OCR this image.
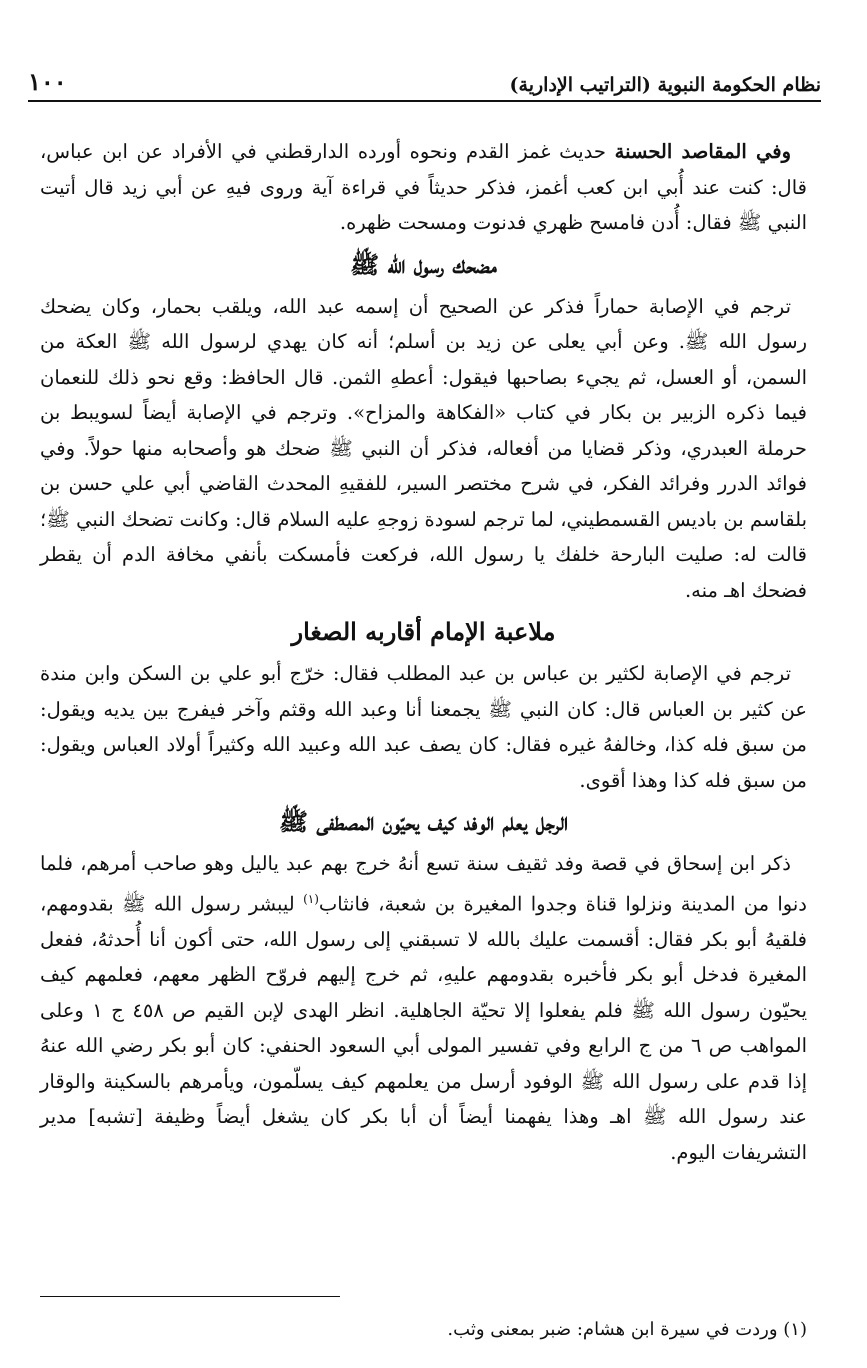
نظام الحكومة النبوية (التراتيب الإدارية)
١٠٠

وفي المقاصد الحسنة حديث غمز القدم ونحوه أورده الدارقطني في الأفراد عن ابن عباس، قال: كنت عند أُبي ابن كعب أغمز، فذكر حديثاً في قراءة آية وروى فيهِ عن أبي زيد قال أتيت النبي ﷺ فقال: أُدن فامسح ظهري فدنوت ومسحت ظهره.

مضحك رسول الله ﷺ

ترجم في الإصابة حماراً فذكر عن الصحيح أن إسمه عبد الله، ويلقب بحمار، وكان يضحك رسول الله ﷺ. وعن أبي يعلى عن زيد بن أسلم؛ أنه كان يهدي لرسول الله ﷺ العكة من السمن، أو العسل، ثم يجيء بصاحبها فيقول: أعطهِ الثمن. قال الحافظ: وقع نحو ذلك للنعمان فيما ذكره الزبير بن بكار في كتاب «الفكاهة والمزاح». وترجم في الإصابة أيضاً لسويبط بن حرملة العبدري، وذكر قضايا من أفعاله، فذكر أن النبي ﷺ ضحك هو وأصحابه منها حولاً. وفي فوائد الدرر وفرائد الفكر، في شرح مختصر السير، للفقيهِ المحدث القاضي أبي علي حسن بن بلقاسم بن باديس القسمطيني، لما ترجم لسودة زوجهِ عليه السلام قال: وكانت تضحك النبي ﷺ؛ قالت له: صليت البارحة خلفك يا رسول الله، فركعت فأمسكت بأنفي مخافة الدم أن يقطر فضحك اهـ منه.

ملاعبة الإمام أقاربه الصغار

ترجم في الإصابة لكثير بن عباس بن عبد المطلب فقال: خرّج أبو علي بن السكن وابن مندة عن كثير بن العباس قال: كان النبي ﷺ يجمعنا أنا وعبد الله وقثم وآخر فيفرج بين يديه ويقول: من سبق فله كذا، وخالفهُ غيره فقال: كان يصف عبد الله وعبيد الله وكثيراً أولاد العباس ويقول: من سبق فله كذا وهذا أقوى.

الرجل يعلم الوفد كيف يحيّون المصطفى ﷺ

ذكر ابن إسحاق في قصة وفد ثقيف سنة تسع أنهُ خرج بهم عبد ياليل وهو صاحب أمرهم، فلما دنوا من المدينة ونزلوا قناة وجدوا المغيرة بن شعبة، فانثاب$^{(١)}$ ليبشر رسول الله ﷺ بقدومهم، فلقيهُ أبو بكر فقال: أقسمت عليك بالله لا تسبقني إلى رسول الله، حتى أكون أنا أُحدثهُ، ففعل المغيرة فدخل أبو بكر فأخبره بقدومهم عليهِ، ثم خرج إليهم فروّح الظهر معهم، فعلمهم كيف يحيّون رسول الله ﷺ فلم يفعلوا إلا تحيّة الجاهلية. انظر الهدى لإبن القيم ص ٤٥٨ ج ١ وعلى المواهب ص ٦ من ج الرابع وفي تفسير المولى أبي السعود الحنفي: كان أبو بكر رضي الله عنهُ إذا قدم على رسول الله ﷺ الوفود أرسل من يعلمهم كيف يسلّمون، ويأمرهم بالسكينة والوقار عند رسول الله ﷺ اهـ وهذا يفهمنا أيضاً أن أبا بكر كان يشغل أيضاً وظيفة [تشبه] مدير التشريفات اليوم.

(١) وردت في سيرة ابن هشام: ضبر بمعنى وثب.
